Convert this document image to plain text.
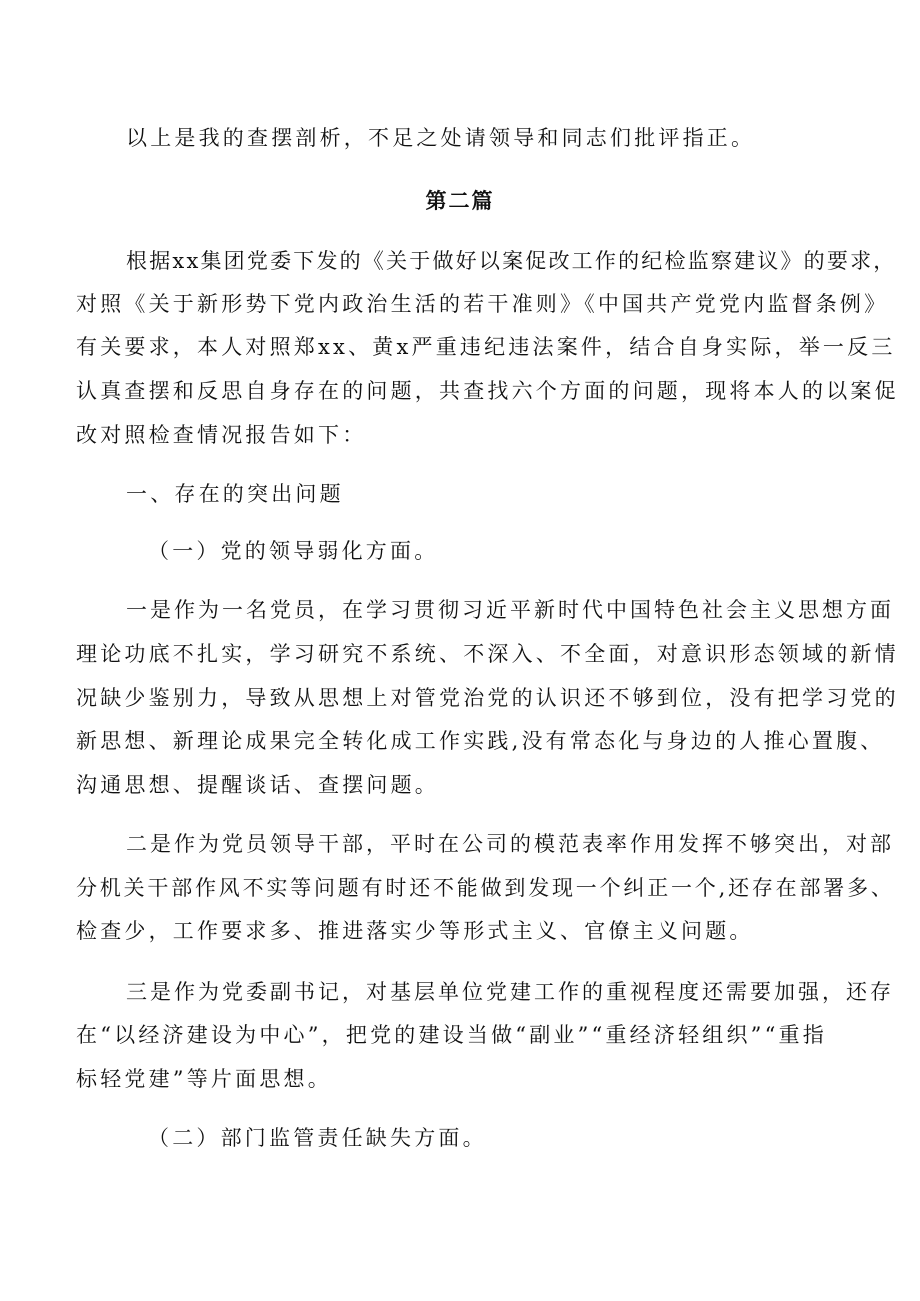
以上是我的查摆剖析，不足之处请领导和同志们批评指正。
第二篇
根据xx集团党委下发的《关于做好以案促改工作的纪检监察建议》的要求，
对照《关于新形势下党内政治生活的若干准则》《中国共产党党内监督条例》
有关要求，本人对照郑xx、黄x严重违纪违法案件，结合自身实际，举一反三
认真查摆和反思自身存在的问题，共查找六个方面的问题，现将本人的以案促
改对照检查情况报告如下：
一、存在的突出问题
（一）党的领导弱化方面。
一是作为一名党员，在学习贯彻习近平新时代中国特色社会主义思想方面
理论功底不扎实，学习研究不系统、不深入、不全面，对意识形态领域的新情
况缺少鉴别力，导致从思想上对管党治党的认识还不够到位，没有把学习党的
新思想、新理论成果完全转化成工作实践,没有常态化与身边的人推心置腹、
沟通思想、提醒谈话、查摆问题。
二是作为党员领导干部，平时在公司的模范表率作用发挥不够突出，对部
分机关干部作风不实等问题有时还不能做到发现一个纠正一个,还存在部署多、
检查少，工作要求多、推进落实少等形式主义、官僚主义问题。
三是作为党委副书记，对基层单位党建工作的重视程度还需要加强，还存
在“以经济建设为中心”，把党的建设当做“副业”“重经济轻组织”“重指
标轻党建”等片面思想。
（二）部门监管责任缺失方面。
